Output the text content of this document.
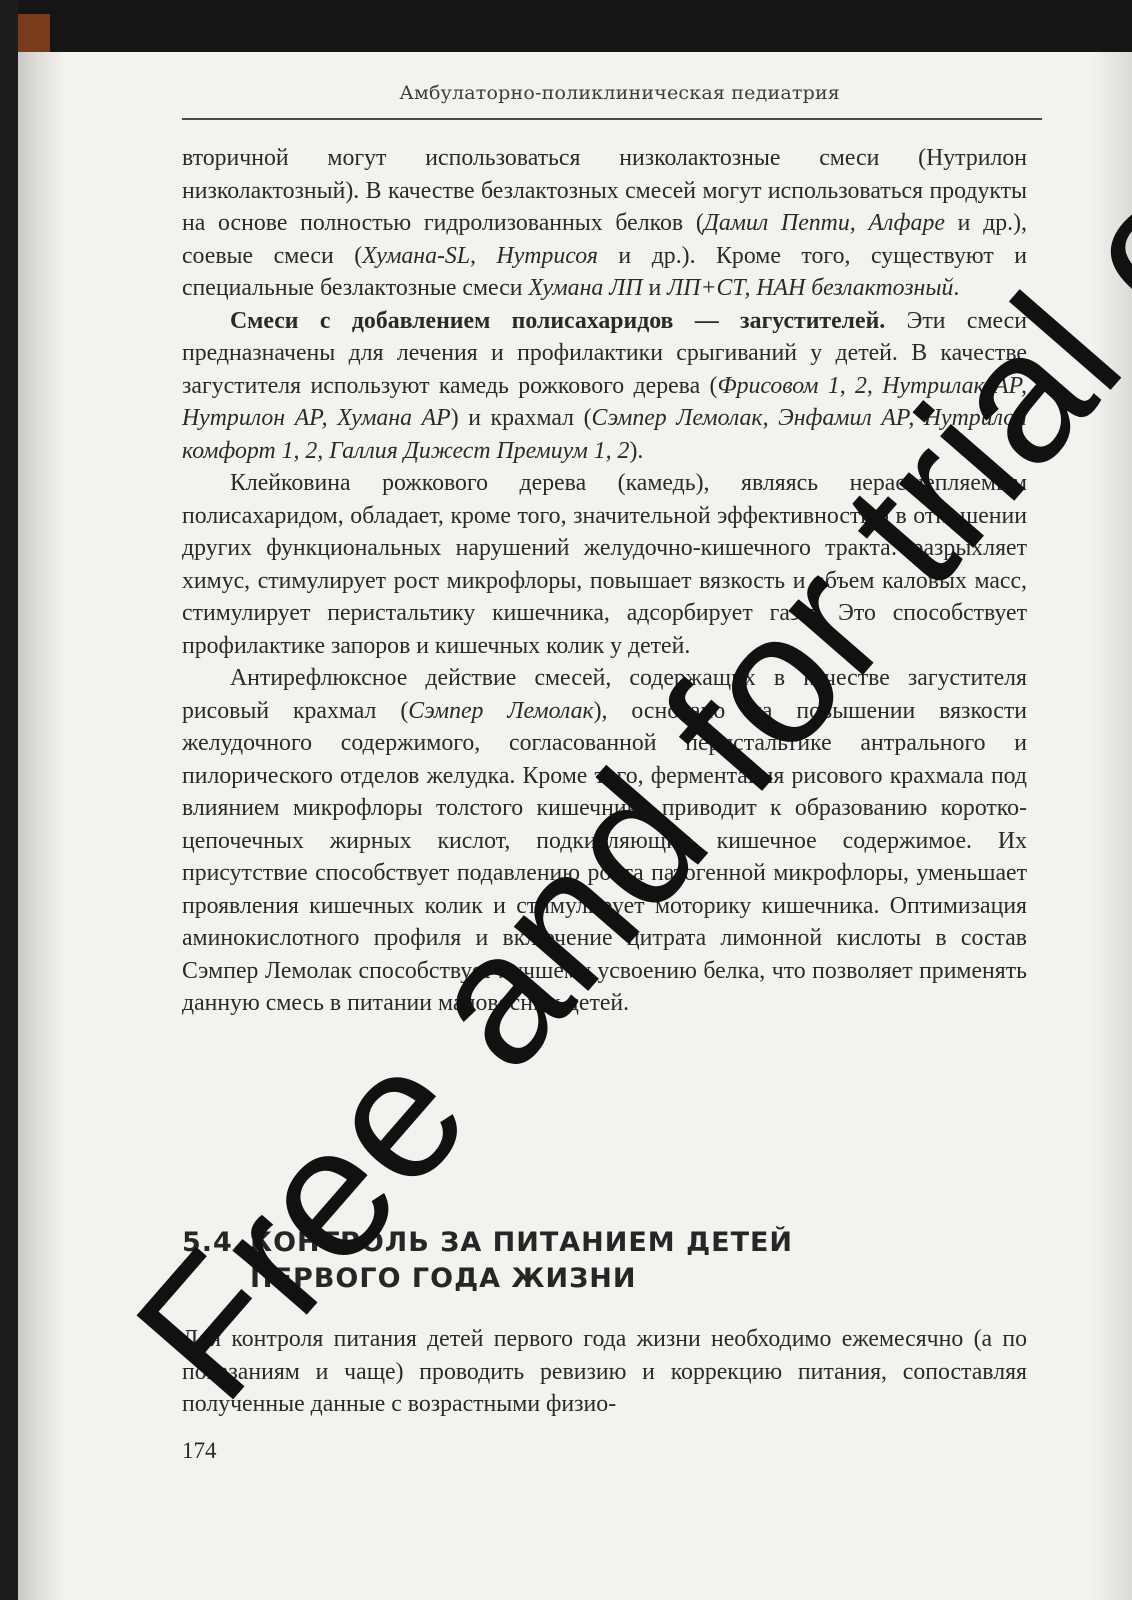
Амбулаторно-поликлиническая педиатрия

вторичной могут использоваться низколактозные смеси (Нутрилон низколактозный). В качестве безлактозных смесей могут использоваться продукты на основе полностью гидролизованных белков (Дамил Пепти, Алфаре и др.), соевые смеси (Хумана-SL, Нутрисоя и др.). Кроме того, существуют и специальные безлактозные смеси Хумана ЛП и ЛП+СТ, НАН безлактозный.

Смеси с добавлением полисахаридов — загустителей. Эти смеси предназначены для лечения и профилактики срыгиваний у детей. В качестве загустителя используют камедь рожкового дерева (Фрисовом 1, 2, Нутрилак АР, Нутрилон АР, Хумана АР) и крахмал (Сэмпер Лемолак, Энфамил АР, Нутрилон комфорт 1, 2, Галлия Дижест Премиум 1, 2).

Клейковина рожкового дерева (камедь), являясь нерасщепляемым полисахаридом, обладает, кроме того, значительной эффективностью в отношении других функциональных нарушений желудочно-кишечного тракта: разрыхляет химус, стимулирует рост микрофлоры, повышает вязкость и объем каловых масс, стимулирует перистальтику кишечника, адсорбирует газы. Это способствует профилактике запоров и кишечных колик у детей.

Антирефлюксное действие смесей, содержащих в качестве загустителя рисовый крахмал (Сэмпер Лемолак), основано на повышении вязкости желудочного содержимого, согласованной перистальтике антрального и пилорического отделов желудка. Кроме того, ферментация рисового крахмала под влиянием микрофлоры толстого кишечника приводит к образованию короткоцепочечных жирных кислот, подкисляющих кишечное содержимое. Их присутствие способствует подавлению роста патогенной микрофлоры, уменьшает проявления кишечных колик и стимулирует моторику кишечника. Оптимизация аминокислотного профиля и включение цитрата лимонной кислоты в состав Сэмпер Лемолак способствует лучшему усвоению белка, что позволяет применять данную смесь в питании маловесных детей.

5.4. КОНТРОЛЬ ЗА ПИТАНИЕМ ДЕТЕЙ
ПЕРВОГО ГОДА ЖИЗНИ

Для контроля питания детей первого года жизни необходимо ежемесячно (а по показаниям и чаще) проводить ревизию и коррекцию питания, сопоставляя полученные данные с возрастными физио-

174
